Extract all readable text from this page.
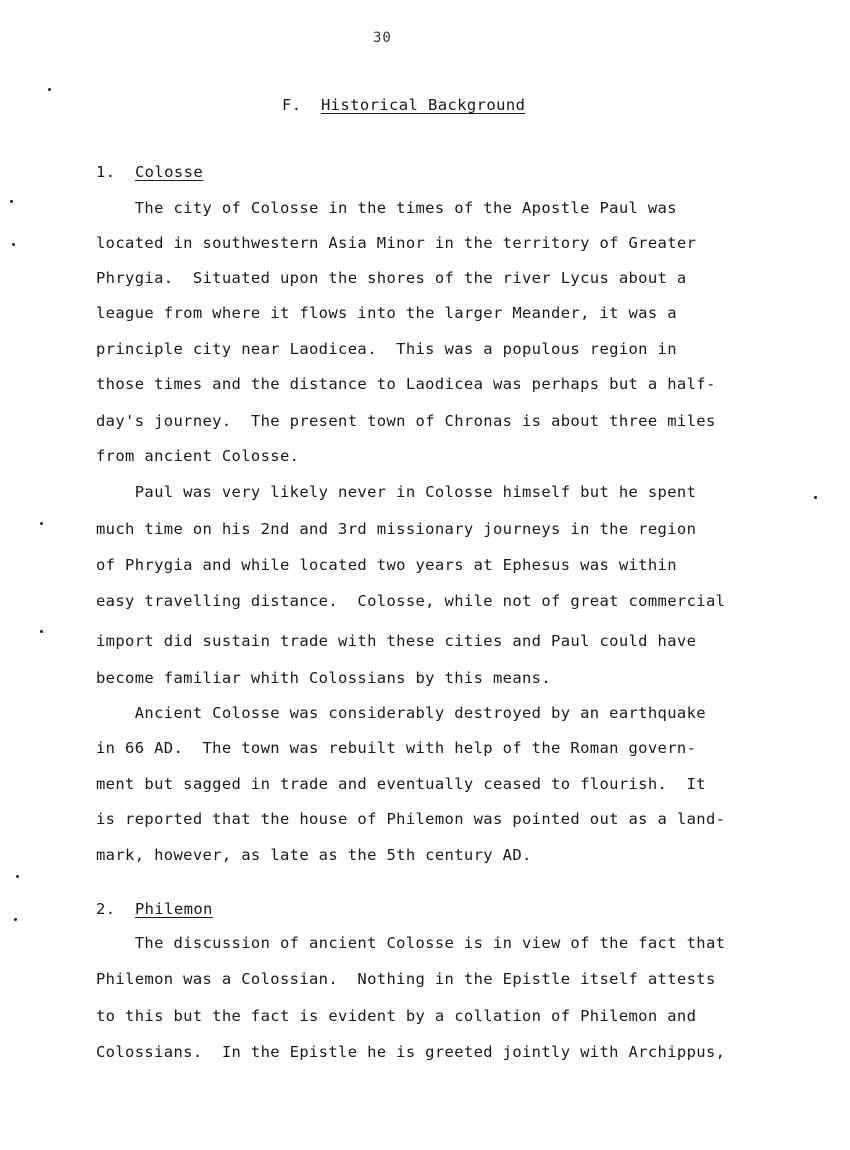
30
F. Historical Background
1. Colosse
The city of Colosse in the times of the Apostle Paul was
located in southwestern Asia Minor in the territory of Greater
Phrygia.  Situated upon the shores of the river Lycus about a
league from where it flows into the larger Meander, it was a
principle city near Laodicea.  This was a populous region in
those times and the distance to Laodicea was perhaps but a half-
day's journey.  The present town of Chronas is about three miles
from ancient Colosse.
Paul was very likely never in Colosse himself but he spent
much time on his 2nd and 3rd missionary journeys in the region
of Phrygia and while located two years at Ephesus was within
easy travelling distance.  Colosse, while not of great commercial
import did sustain trade with these cities and Paul could have
become familiar whith Colossians by this means.
Ancient Colosse was considerably destroyed by an earthquake
in 66 AD.  The town was rebuilt with help of the Roman govern-
ment but sagged in trade and eventually ceased to flourish.  It
is reported that the house of Philemon was pointed out as a land-
mark, however, as late as the 5th century AD.
2. Philemon
The discussion of ancient Colosse is in view of the fact that
Philemon was a Colossian.  Nothing in the Epistle itself attests
to this but the fact is evident by a collation of Philemon and
Colossians.  In the Epistle he is greeted jointly with Archippus,
